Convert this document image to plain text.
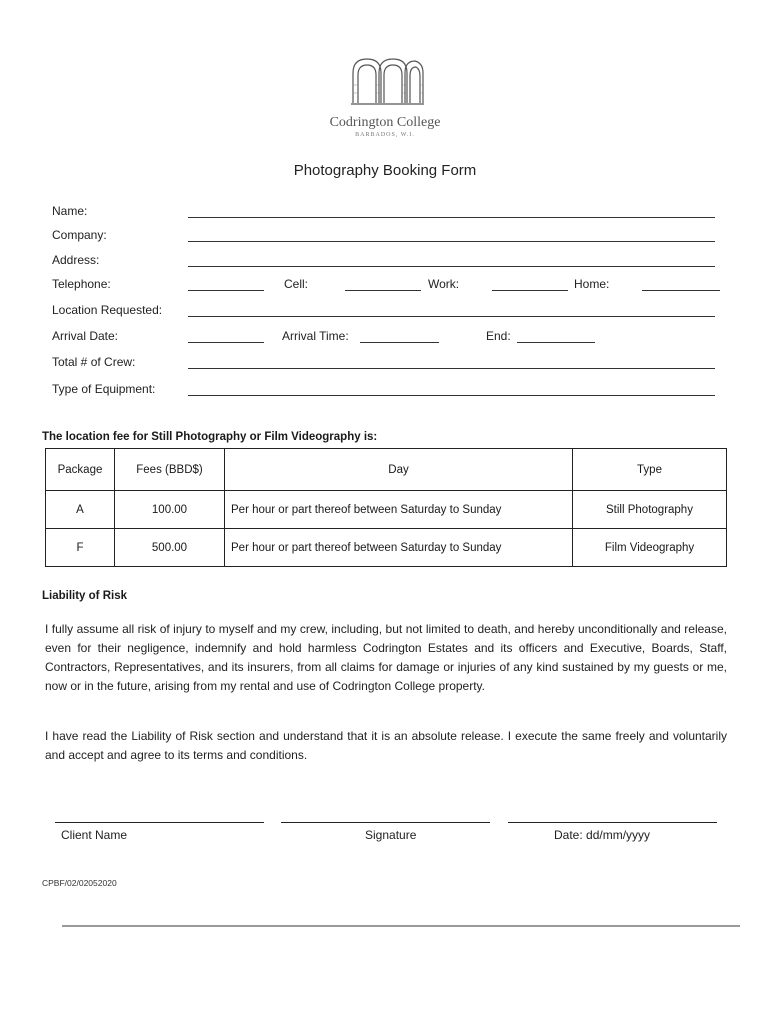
Codrington College
BARBADOS, W.I.
Photography Booking Form
Name:
Company:
Address:
Telephone:	Cell:	Work:	Home:
Location Requested:
Arrival Date:	Arrival Time:	End:
Total # of Crew:
Type of Equipment:
The location fee for Still Photography or Film Videography is:
Package	Fees (BBD$)	Day	Type
A	100.00	Per hour or part thereof between Saturday to Sunday	Still Photography
F	500.00	Per hour or part thereof between Saturday to Sunday	Film Videography
Liability of Risk
I fully assume all risk of injury to myself and my crew, including, but not limited to death, and hereby unconditionally and release, even for their negligence, indemnify and hold harmless Codrington Estates and its officers and Executive, Boards, Staff, Contractors, Representatives, and its insurers, from all claims for damage or injuries of any kind sustained by my guests or me, now or in the future, arising from my rental and use of Codrington College property.
I have read the Liability of Risk section and understand that it is an absolute release. I execute the same freely and voluntarily and accept and agree to its terms and conditions.
Client Name	Signature	Date: dd/mm/yyyy
CPBF/02/02052020
